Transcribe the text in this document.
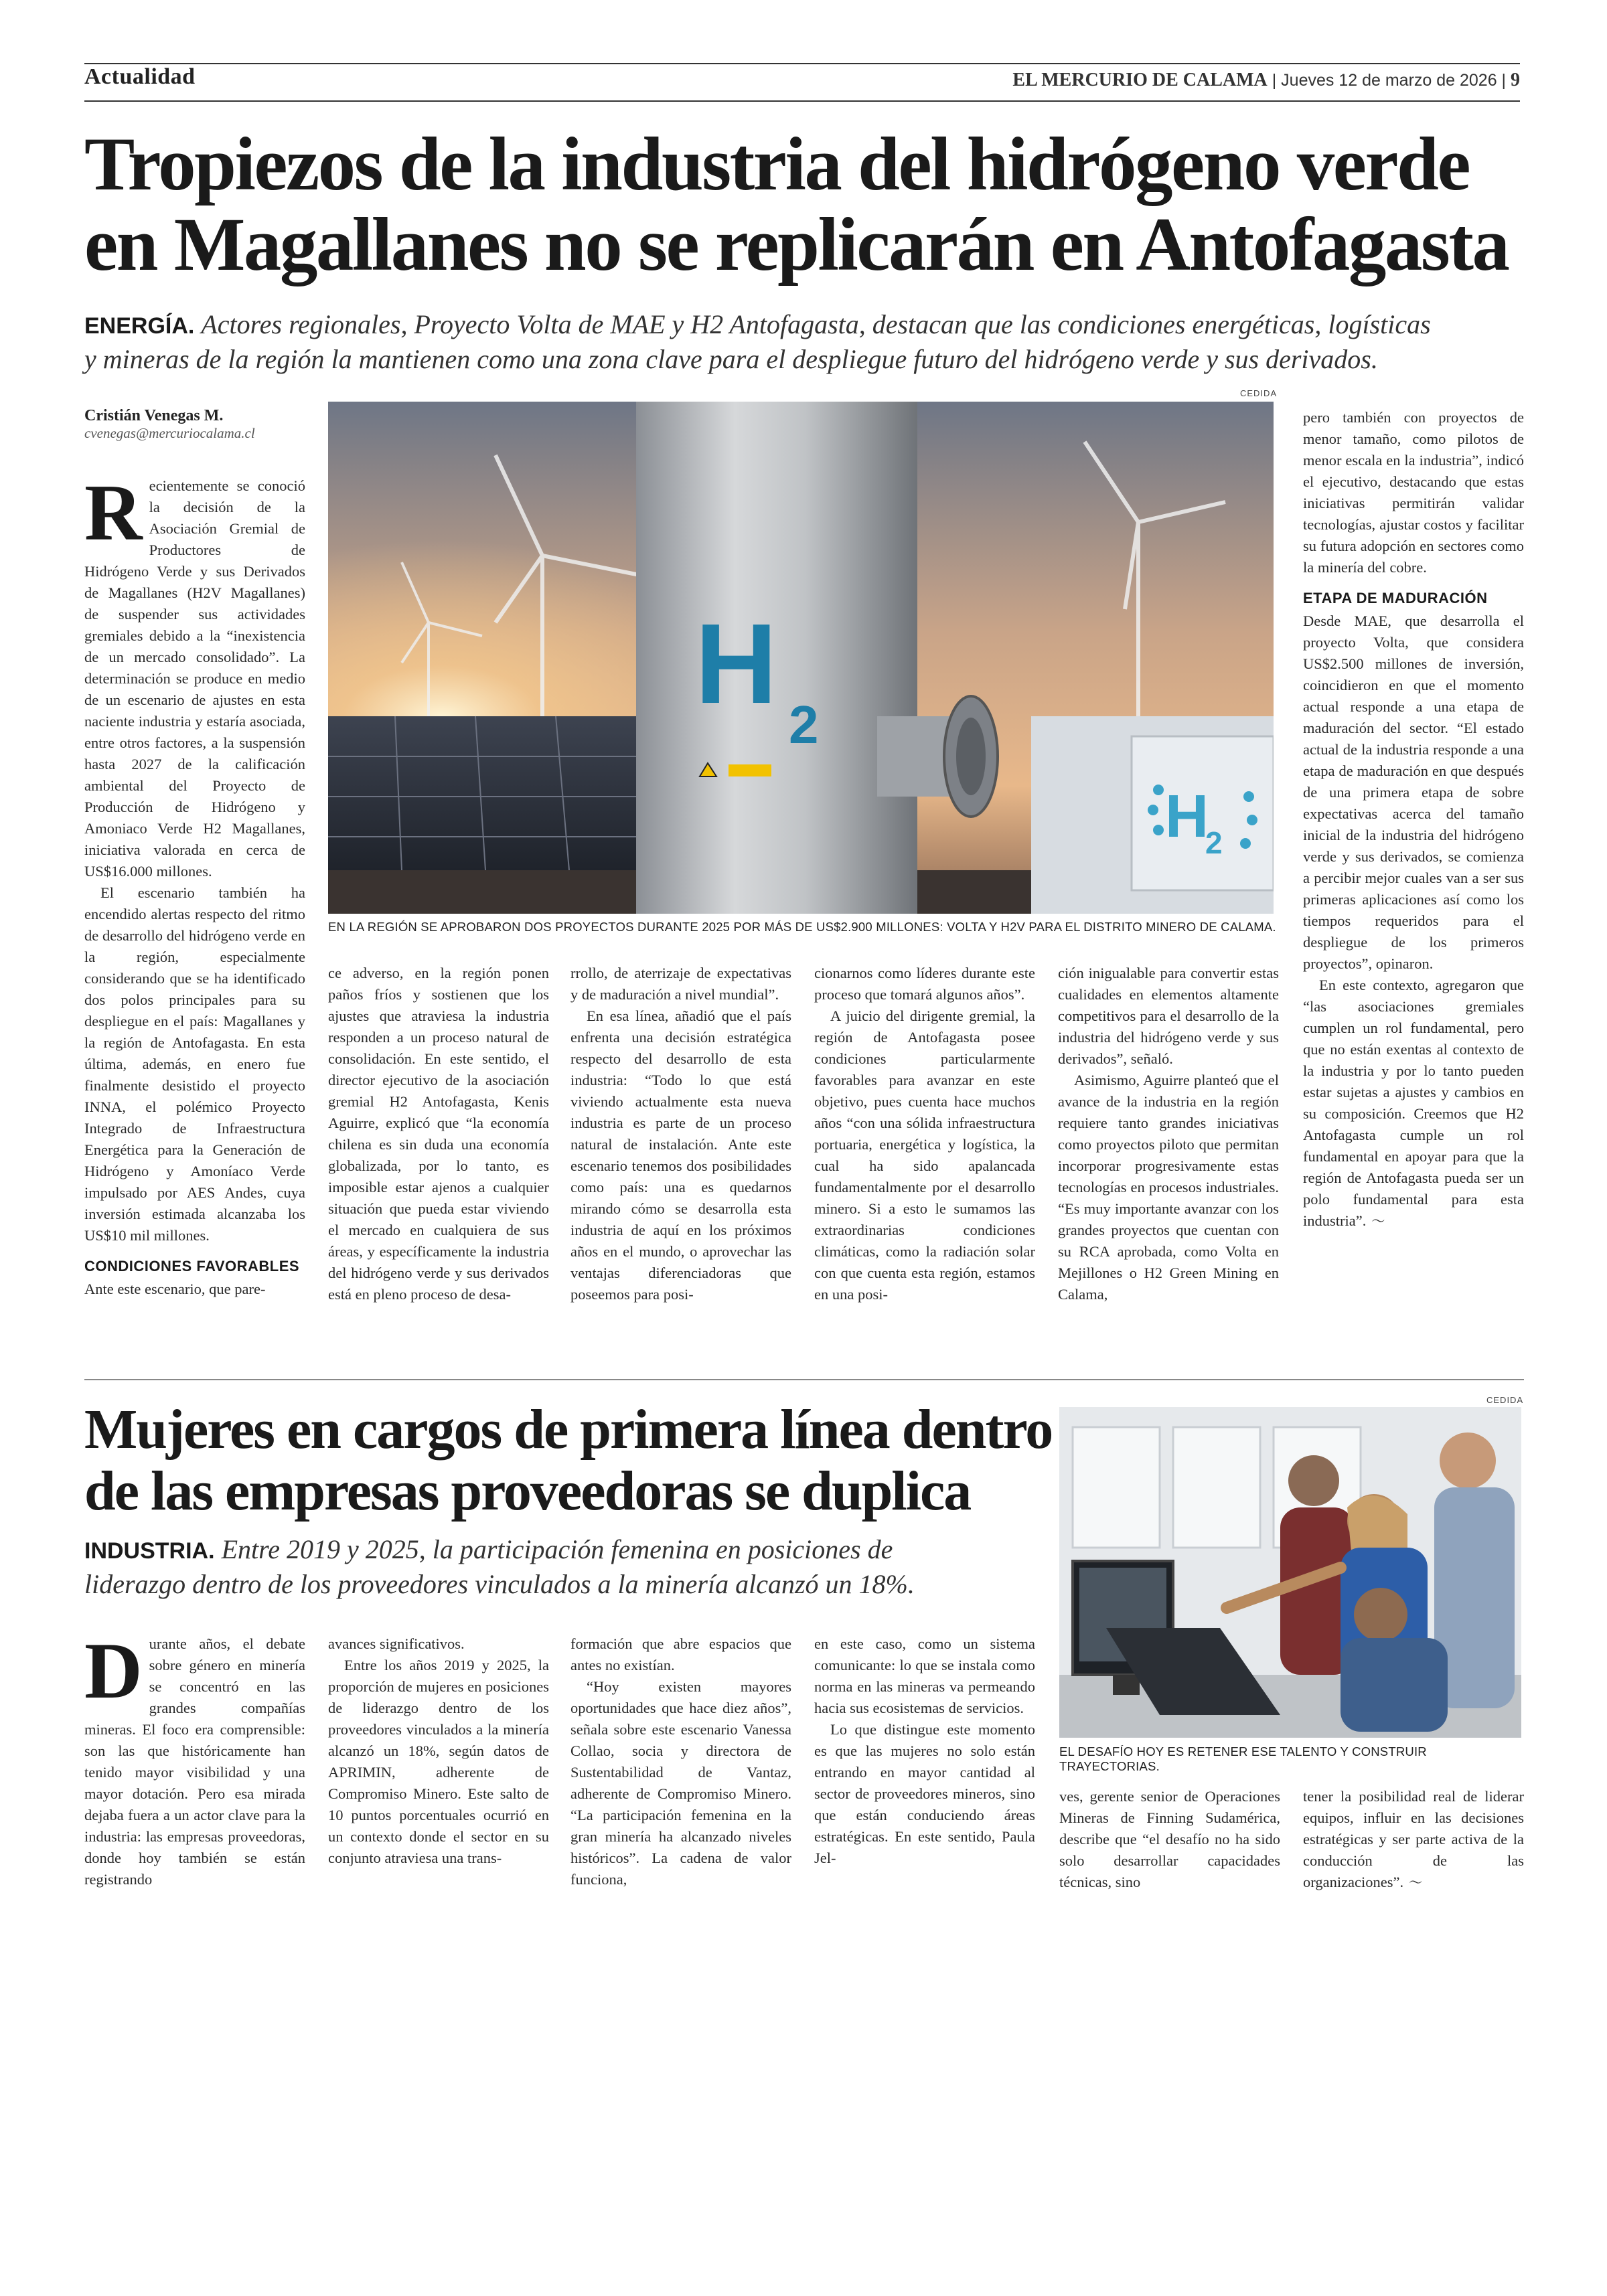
Actualidad	EL MERCURIO DE CALAMA | Jueves 12 de marzo de 2026 | 9
Tropiezos de la industria del hidrógeno verde
en Magallanes no se replicarán en Antofagasta
ENERGÍA. Actores regionales, Proyecto Volta de MAE y H2 Antofagasta, destacan que las condiciones energéticas, logísticas
y mineras de la región la mantienen como una zona clave para el despliegue futuro del hidrógeno verde y sus derivados.
Cristián Venegas M.
cvenegas@mercuriocalama.cl
CEDIDA
H 2
H
2
EN LA REGIÓN SE APROBARON DOS PROYECTOS DURANTE 2025 POR MÁS DE US$2.900 MILLONES: VOLTA Y H2V PARA EL DISTRITO MINERO DE CALAMA.

Recientemente se conoció la decisión de la Asociación Gremial de Productores de Hidrógeno Verde y sus Derivados de Magallanes (H2V Magallanes) de suspender sus actividades gremiales debido a la “inexistencia de un mercado consolidado”. La determinación se produce en medio de un escenario de ajustes en esta naciente industria y estaría asociada, entre otros factores, a la suspensión hasta 2027 de la calificación ambiental del Proyecto de Producción de Hidrógeno y Amoniaco Verde H2 Magallanes, iniciativa valorada en cerca de US$16.000 millones.

El escenario también ha encendido alertas respecto del ritmo de desarrollo del hidrógeno verde en la región, especialmente considerando que se ha identificado dos polos principales para su despliegue en el país: Magallanes y la región de Antofagasta. En esta última, además, en enero fue finalmente desistido el proyecto INNA, el polémico Proyecto Integrado de Infraestructura Energética para la Generación de Hidrógeno y Amoníaco Verde impulsado por AES Andes, cuya inversión estimada alcanzaba los US$10 mil millones.

CONDICIONES FAVORABLES

Ante este escenario, que pare-

ce adverso, en la región ponen paños fríos y sostienen que los ajustes que atraviesa la industria responden a un proceso natural de consolidación. En este sentido, el director ejecutivo de la asociación gremial H2 Antofagasta, Kenis Aguirre, explicó que “la economía chilena es sin duda una economía globalizada, por lo tanto, es imposible estar ajenos a cualquier situación que pueda estar viviendo el mercado en cualquiera de sus áreas, y específicamente la industria del hidrógeno verde y sus derivados está en pleno proceso de desa-

rrollo, de aterrizaje de expectativas y de maduración a nivel mundial”.

En esa línea, añadió que el país enfrenta una decisión estratégica respecto del desarrollo de esta industria: “Todo lo que está viviendo actualmente esta nueva industria es parte de un proceso natural de instalación. Ante este escenario tenemos dos posibilidades como país: una es quedarnos mirando cómo se desarrolla esta industria de aquí en los próximos años en el mundo, o aprovechar las ventajas diferenciadoras que poseemos para posi-

cionarnos como líderes durante este proceso que tomará algunos años”.

A juicio del dirigente gremial, la región de Antofagasta posee condiciones particularmente favorables para avanzar en este objetivo, pues cuenta hace muchos años “con una sólida infraestructura portuaria, energética y logística, la cual ha sido apalancada fundamentalmente por el desarrollo minero. Si a esto le sumamos las extraordinarias condiciones climáticas, como la radiación solar con que cuenta esta región, estamos en una posi-

ción inigualable para convertir estas cualidades en elementos altamente competitivos para el desarrollo de la industria del hidrógeno verde y sus derivados”, señaló.

Asimismo, Aguirre planteó que el avance de la industria en la región requiere tanto grandes iniciativas como proyectos piloto que permitan incorporar progresivamente estas tecnologías en procesos industriales. “Es muy importante avanzar con los grandes proyectos que cuentan con su RCA aprobada, como Volta en Mejillones o H2 Green Mining en Calama,

pero también con proyectos de menor tamaño, como pilotos de menor escala en la industria”, indicó el ejecutivo, destacando que estas iniciativas permitirán validar tecnologías, ajustar costos y facilitar su futura adopción en sectores como la minería del cobre.

ETAPA DE MADURACIÓN

Desde MAE, que desarrolla el proyecto Volta, que considera US$2.500 millones de inversión, coincidieron en que el momento actual responde a una etapa de maduración del sector. “El estado actual de la industria responde a una etapa de maduración en que después de una primera etapa de sobre expectativas acerca del tamaño inicial de la industria del hidrógeno verde y sus derivados, se comienza a percibir mejor cuales van a ser sus primeras aplicaciones así como los tiempos requeridos para el despliegue de los primeros proyectos”, opinaron.

En este contexto, agregaron que “las asociaciones gremiales cumplen un rol fundamental, pero que no están exentas al contexto de la industria y por lo tanto pueden estar sujetas a ajustes y cambios en su composición. Creemos que H2 Antofagasta cumple un rol fundamental en apoyar para que la región de Antofagasta pueda ser un polo fundamental para esta industria”. 〜

Mujeres en cargos de primera línea dentro
de las empresas proveedoras se duplica
INDUSTRIA. Entre 2019 y 2025, la participación femenina en posiciones de
liderazgo dentro de los proveedores vinculados a la minería alcanzó un 18%.
CEDIDA
EL DESAFÍO HOY ES RETENER ESE TALENTO Y CONSTRUIR TRAYECTORIAS.

Durante años, el debate sobre género en minería se concentró en las grandes compañías mineras. El foco era comprensible: son las que históricamente han tenido mayor visibilidad y una mayor dotación. Pero esa mirada dejaba fuera a un actor clave para la industria: las empresas proveedoras, donde hoy también se están registrando

avances significativos.

Entre los años 2019 y 2025, la proporción de mujeres en posiciones de liderazgo dentro de los proveedores vinculados a la minería alcanzó un 18%, según datos de APRIMIN, adherente de Compromiso Minero. Este salto de 10 puntos porcentuales ocurrió en un contexto donde el sector en su conjunto atraviesa una trans-

formación que abre espacios que antes no existían.

“Hoy existen mayores oportunidades que hace diez años”, señala sobre este escenario Vanessa Collao, socia y directora de Sustentabilidad de Vantaz, adherente de Compromiso Minero. “La participación femenina en la gran minería ha alcanzado niveles históricos”. La cadena de valor funciona,

en este caso, como un sistema comunicante: lo que se instala como norma en las mineras va permeando hacia sus ecosistemas de servicios.

Lo que distingue este momento es que las mujeres no solo están entrando en mayor cantidad al sector de proveedores mineros, sino que están conduciendo áreas estratégicas. En este sentido, Paula Jel-

ves, gerente senior de Operaciones Mineras de Finning Sudamérica, describe que “el desafío no ha sido solo desarrollar capacidades técnicas, sino

tener la posibilidad real de liderar equipos, influir en las decisiones estratégicas y ser parte activa de la conducción de las organizaciones”. 〜
